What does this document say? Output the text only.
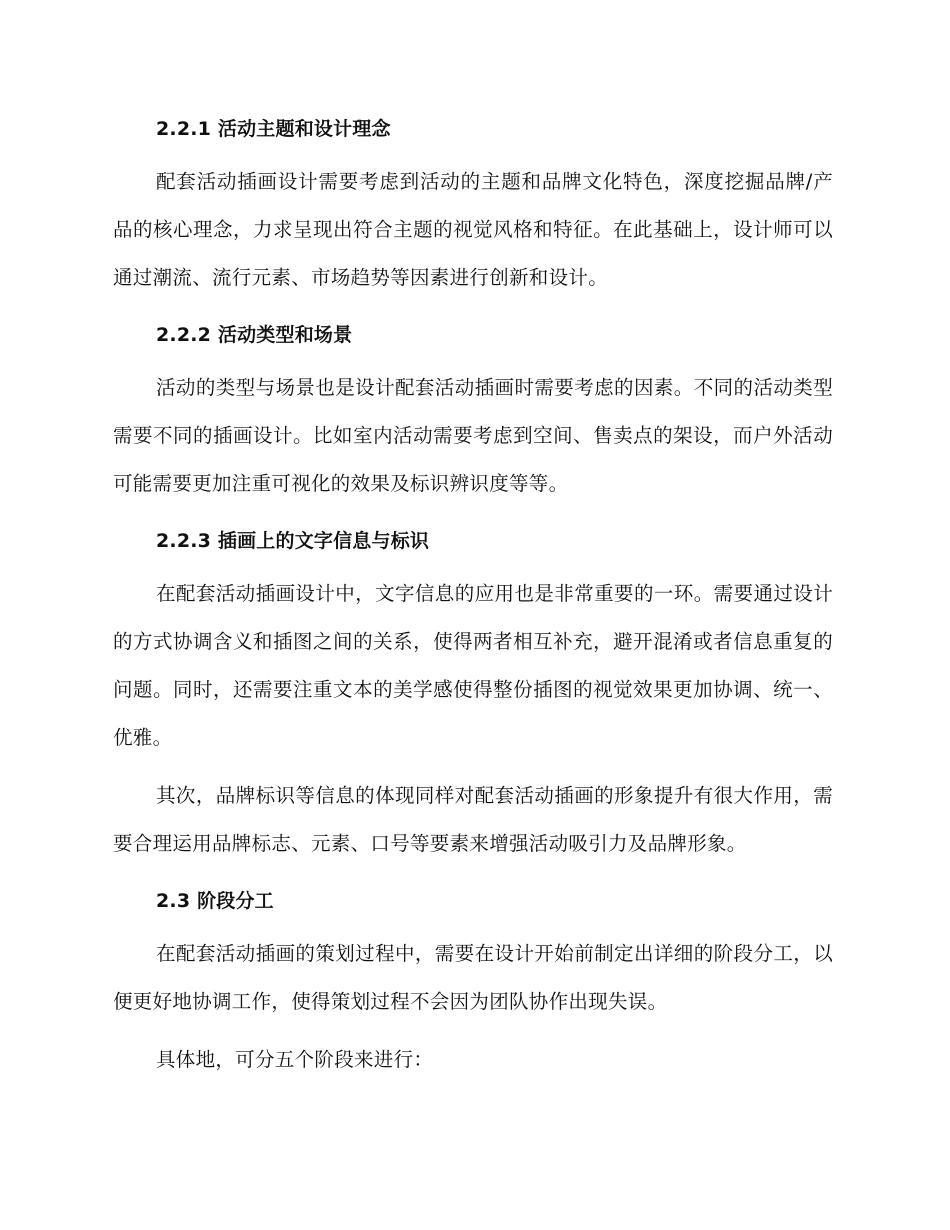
2.2.1 活动主题和设计理念

配套活动插画设计需要考虑到活动的主题和品牌文化特色，深度挖掘品牌/产品的核心理念，力求呈现出符合主题的视觉风格和特征。在此基础上，设计师可以通过潮流、流行元素、市场趋势等因素进行创新和设计。

2.2.2 活动类型和场景

活动的类型与场景也是设计配套活动插画时需要考虑的因素。不同的活动类型需要不同的插画设计。比如室内活动需要考虑到空间、售卖点的架设，而户外活动可能需要更加注重可视化的效果及标识辨识度等等。

2.2.3 插画上的文字信息与标识

在配套活动插画设计中，文字信息的应用也是非常重要的一环。需要通过设计的方式协调含义和插图之间的关系，使得两者相互补充，避开混淆或者信息重复的问题。同时，还需要注重文本的美学感使得整份插图的视觉效果更加协调、统一、优雅。

其次，品牌标识等信息的体现同样对配套活动插画的形象提升有很大作用，需要合理运用品牌标志、元素、口号等要素来增强活动吸引力及品牌形象。

2.3 阶段分工

在配套活动插画的策划过程中，需要在设计开始前制定出详细的阶段分工，以便更好地协调工作，使得策划过程不会因为团队协作出现失误。

具体地，可分五个阶段来进行：
